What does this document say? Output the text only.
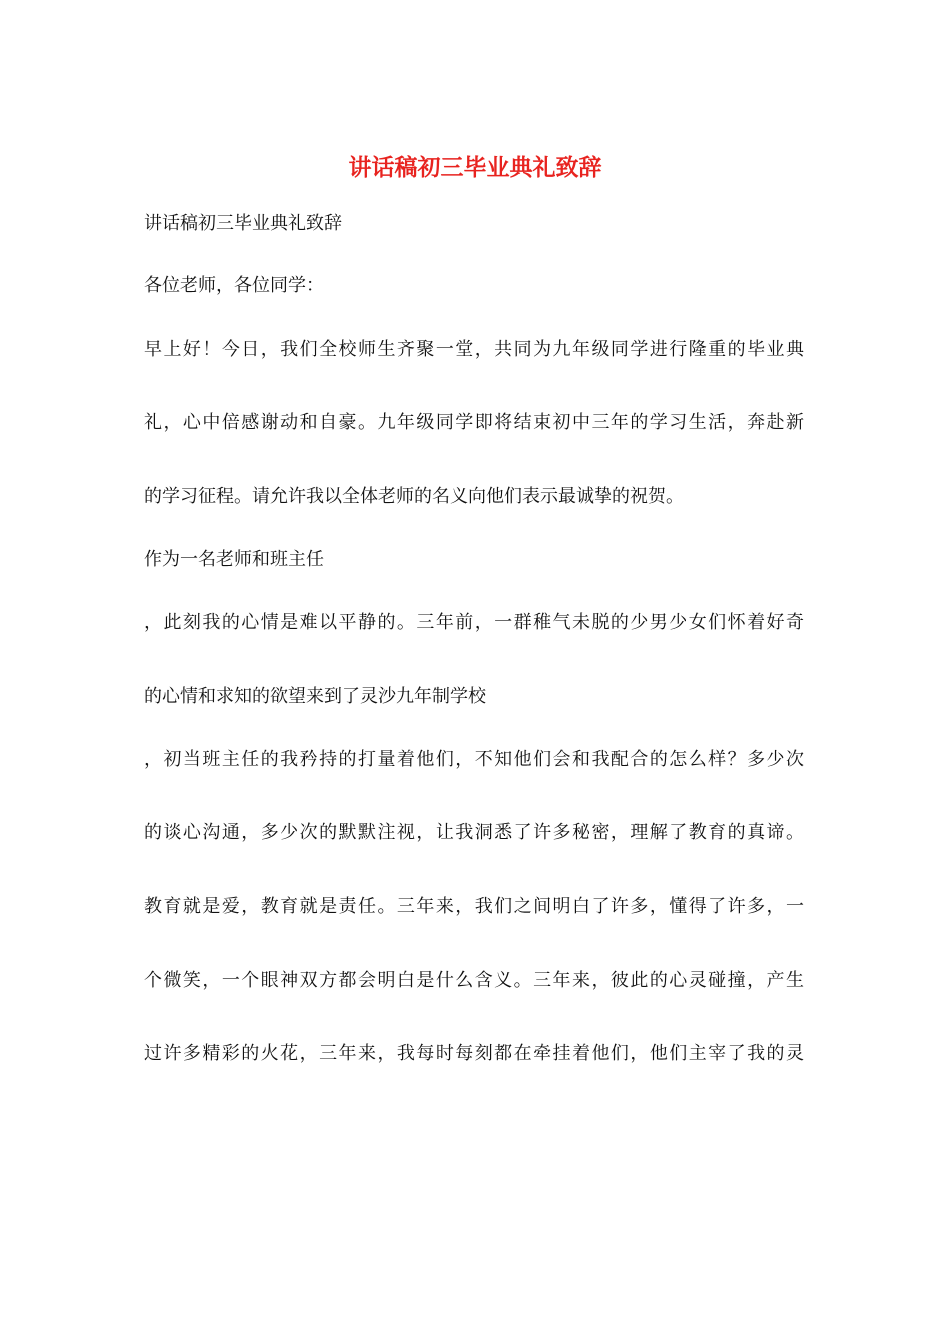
讲话稿初三毕业典礼致辞
讲话稿初三毕业典礼致辞
各位老师，各位同学：
早上好！今日，我们全校师生齐聚一堂，共同为九年级同学进行隆重的毕业典
礼，心中倍感谢动和自豪。九年级同学即将结束初中三年的学习生活，奔赴新
的学习征程。请允许我以全体老师的名义向他们表示最诚挚的祝贺。
作为一名老师和班主任
，此刻我的心情是难以平静的。三年前，一群稚气未脱的少男少女们怀着好奇
的心情和求知的欲望来到了灵沙九年制学校
，初当班主任的我矜持的打量着他们，不知他们会和我配合的怎么样？多少次
的谈心沟通，多少次的默默注视，让我洞悉了许多秘密，理解了教育的真谛。
教育就是爱，教育就是责任。三年来，我们之间明白了许多，懂得了许多，一
个微笑，一个眼神双方都会明白是什么含义。三年来，彼此的心灵碰撞，产生
过许多精彩的火花，三年来，我每时每刻都在牵挂着他们，他们主宰了我的灵
